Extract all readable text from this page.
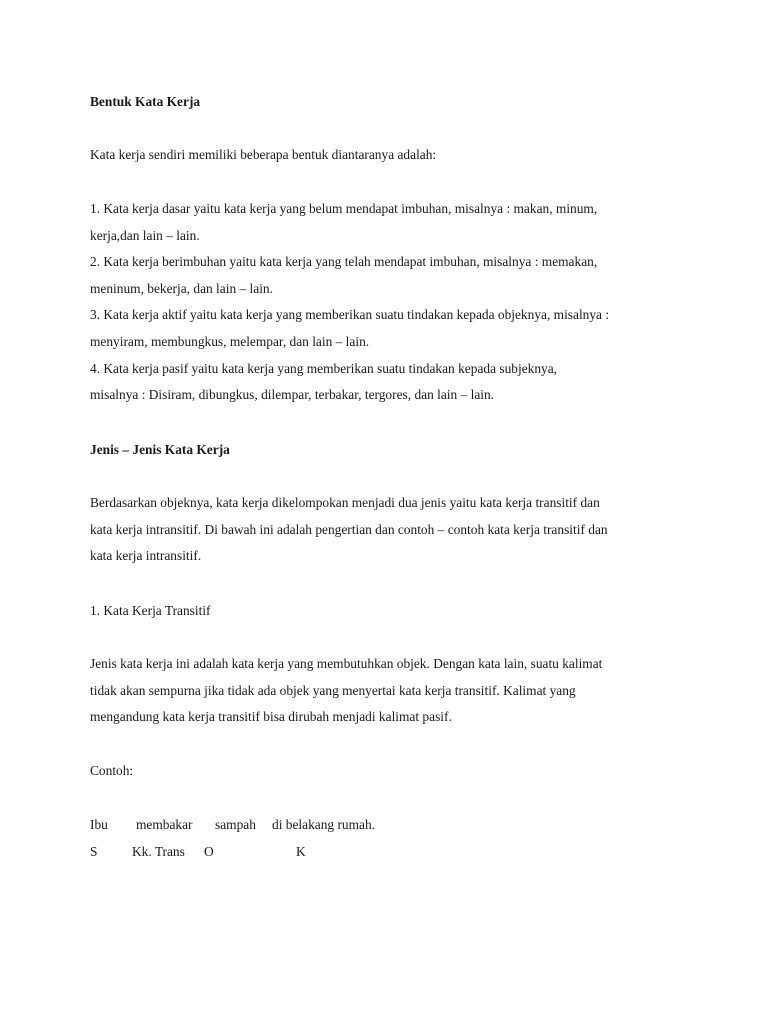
Bentuk Kata Kerja
Kata kerja sendiri memiliki beberapa bentuk diantaranya adalah:
1. Kata kerja dasar yaitu kata kerja yang belum mendapat imbuhan, misalnya : makan, minum,
kerja,dan lain – lain.
2. Kata kerja berimbuhan yaitu kata kerja yang telah mendapat imbuhan, misalnya : memakan,
meninum, bekerja, dan lain – lain.
3. Kata kerja aktif yaitu kata kerja yang memberikan suatu tindakan kepada objeknya, misalnya :
menyiram, membungkus, melempar, dan lain – lain.
4. Kata kerja pasif yaitu kata kerja yang memberikan suatu tindakan kepada subjeknya,
misalnya : Disiram, dibungkus, dilempar, terbakar, tergores, dan lain – lain.
Jenis – Jenis Kata Kerja
Berdasarkan objeknya, kata kerja dikelompokan menjadi dua jenis yaitu kata kerja transitif dan
kata kerja intransitif. Di bawah ini adalah pengertian dan contoh – contoh kata kerja transitif dan
kata kerja intransitif.
1. Kata Kerja Transitif
Jenis kata kerja ini adalah kata kerja yang membutuhkan objek. Dengan kata lain, suatu kalimat
tidak akan sempurna jika tidak ada objek yang menyertai kata kerja transitif. Kalimat yang
mengandung kata kerja transitif bisa dirubah menjadi kalimat pasif.
Contoh:
Ibu membakar sampah di belakang rumah.
S	Kk. Trans O	K
